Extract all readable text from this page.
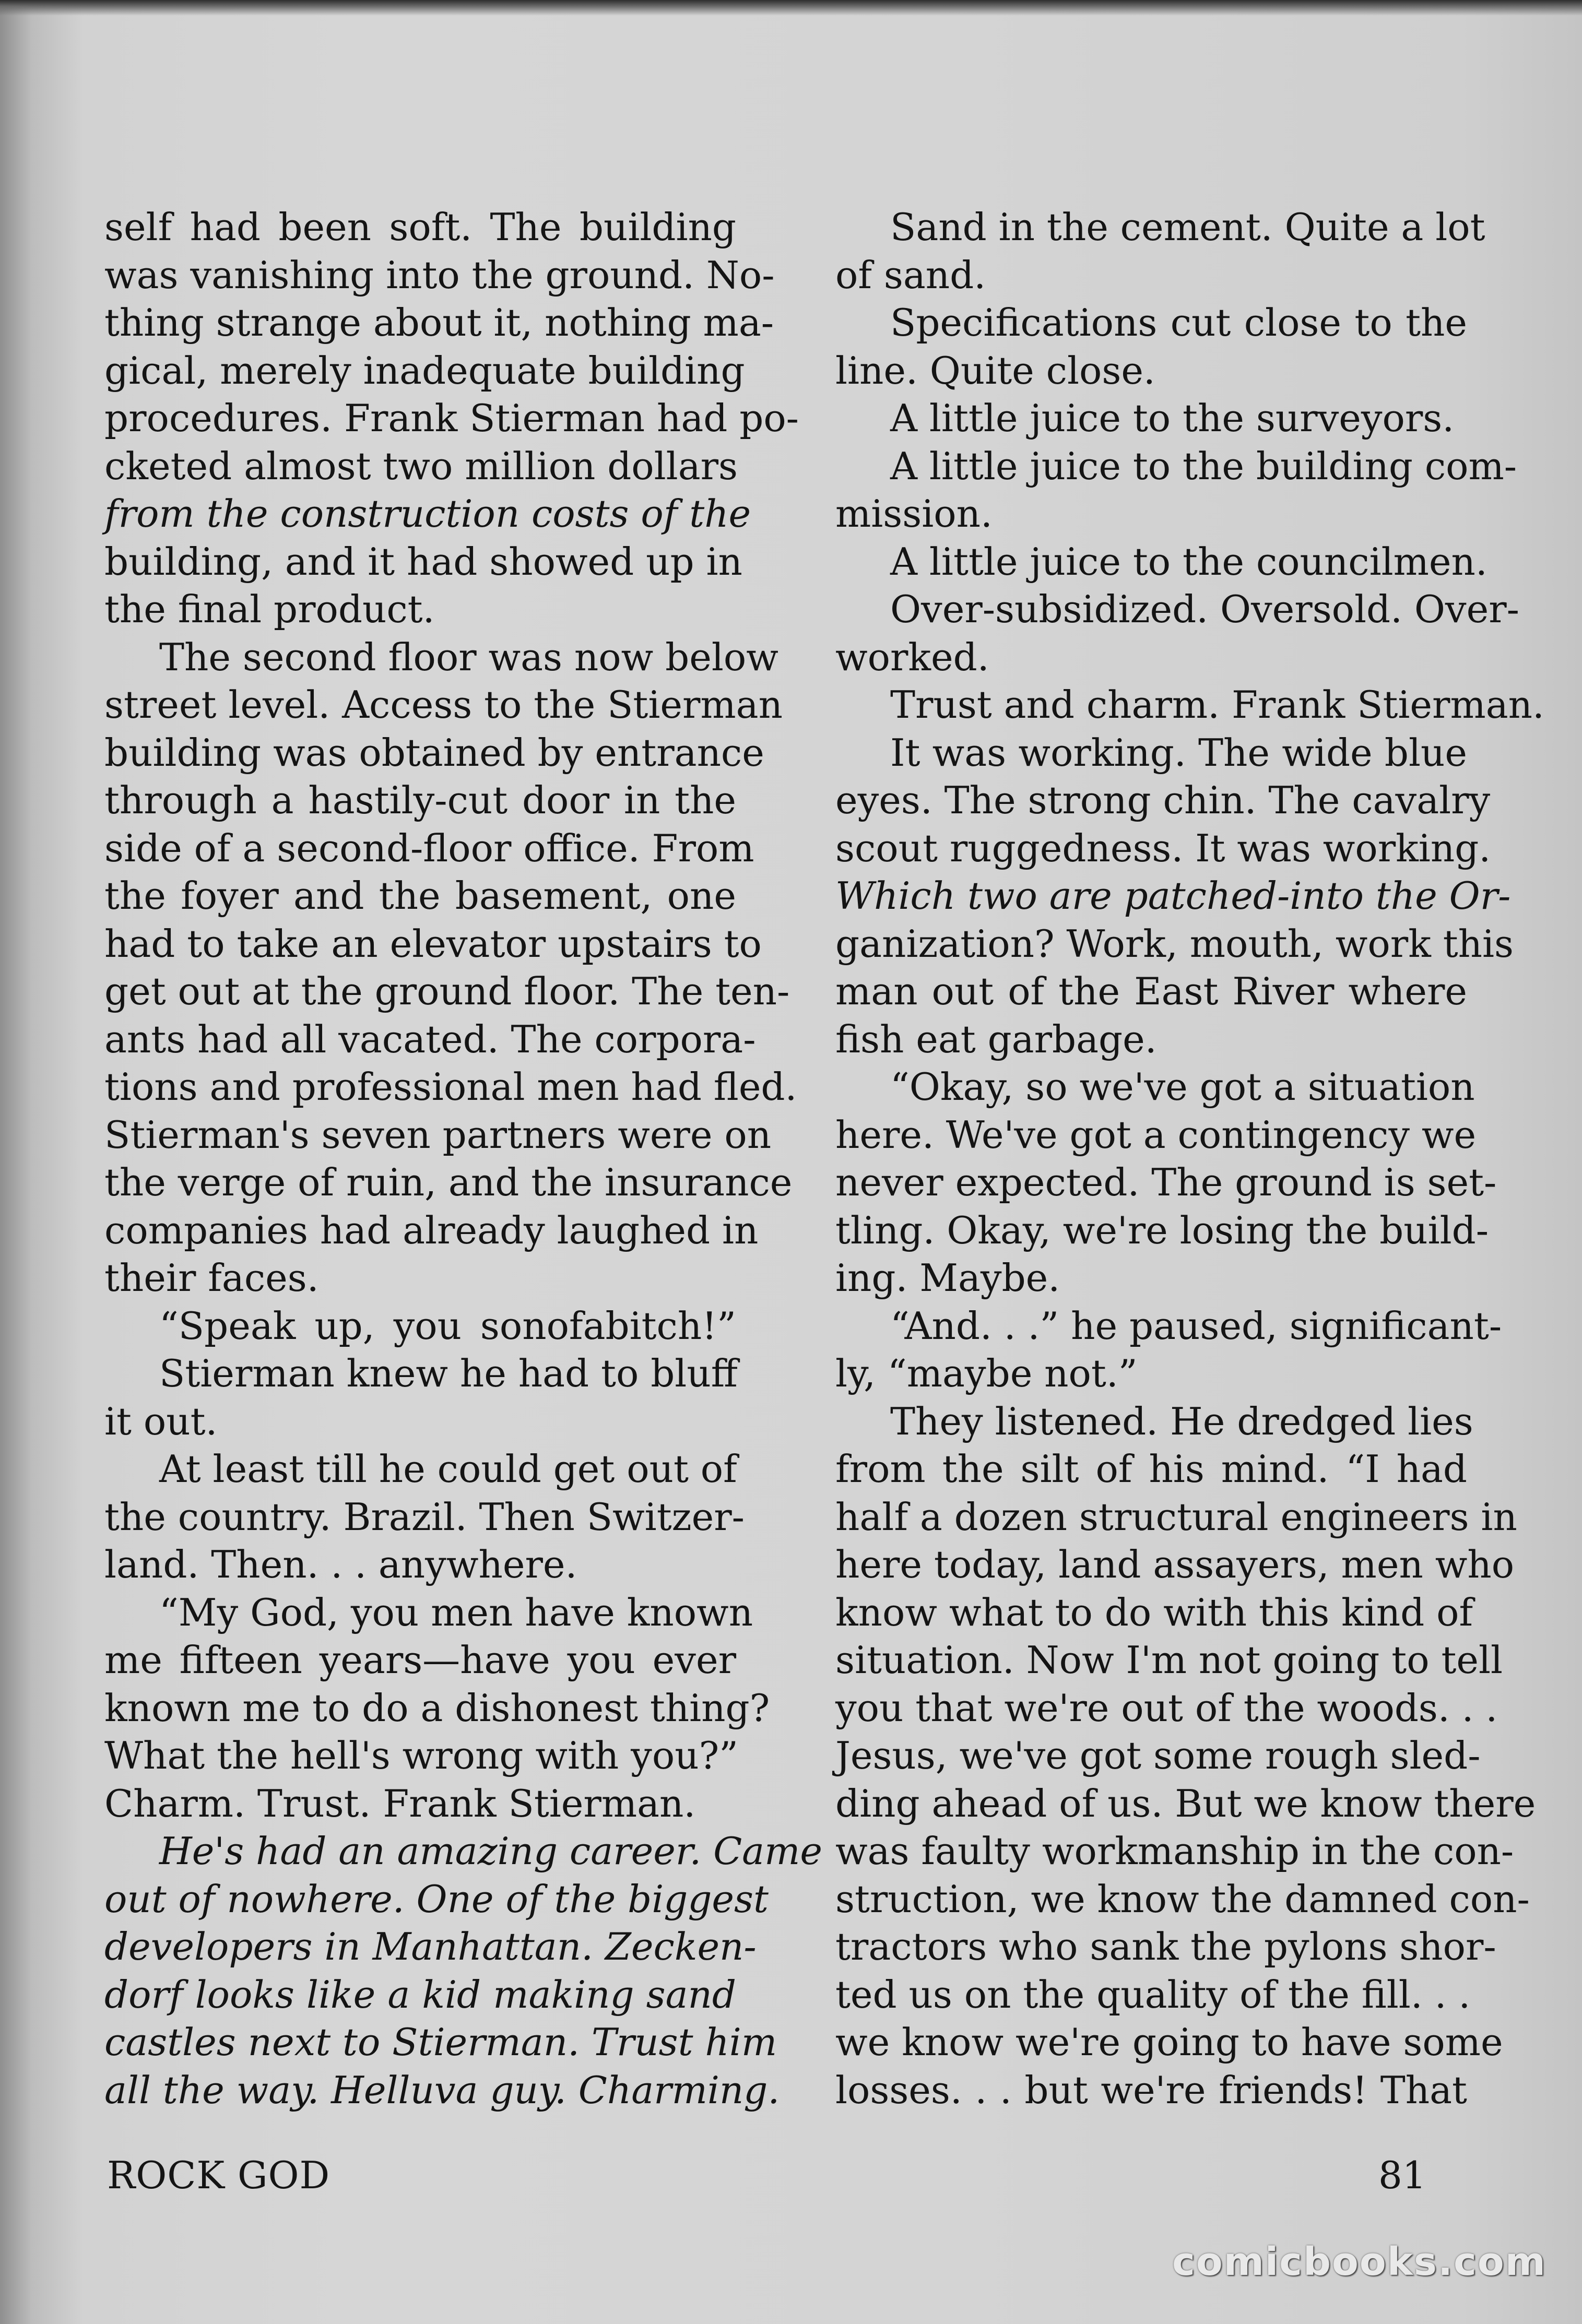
self had been soft. The building
was vanishing into the ground. No-
thing strange about it, nothing ma-
gical, merely inadequate building
procedures. Frank Stierman had po-
cketed almost two million dollars
from the construction costs of the
building, and it had showed up in
the final product.
The second floor was now below
street level. Access to the Stierman
building was obtained by entrance
through a hastily-cut door in the
side of a second-floor office. From
the foyer and the basement, one
had to take an elevator upstairs to
get out at the ground floor. The ten-
ants had all vacated. The corpora-
tions and professional men had fled.
Stierman's seven partners were on
the verge of ruin, and the insurance
companies had already laughed in
their faces.
“Speak up, you sonofabitch!”
Stierman knew he had to bluff
it out.
At least till he could get out of
the country. Brazil. Then Switzer-
land. Then. . . anywhere.
“My God, you men have known
me fifteen years—have you ever
known me to do a dishonest thing?
What the hell's wrong with you?”
Charm. Trust. Frank Stierman.
He's had an amazing career. Came
out of nowhere. One of the biggest
developers in Manhattan. Zecken-
dorf looks like a kid making sand
castles next to Stierman. Trust him
all the way. Helluva guy. Charming.
Sand in the cement. Quite a lot
of sand.
Specifications cut close to the
line. Quite close.
A little juice to the surveyors.
A little juice to the building com-
mission.
A little juice to the councilmen.
Over-subsidized. Oversold. Over-
worked.
Trust and charm. Frank Stierman.
It was working. The wide blue
eyes. The strong chin. The cavalry
scout ruggedness. It was working.
Which two are patched-into the Or-
ganization? Work, mouth, work this
man out of the East River where
fish eat garbage.
“Okay, so we've got a situation
here. We've got a contingency we
never expected. The ground is set-
tling. Okay, we're losing the build-
ing. Maybe.
“And. . .” he paused, significant-
ly, “maybe not.”
They listened. He dredged lies
from the silt of his mind. “I had
half a dozen structural engineers in
here today, land assayers, men who
know what to do with this kind of
situation. Now I'm not going to tell
you that we're out of the woods. . .
Jesus, we've got some rough sled-
ding ahead of us. But we know there
was faulty workmanship in the con-
struction, we know the damned con-
tractors who sank the pylons shor-
ted us on the quality of the fill. . .
we know we're going to have some
losses. . . but we're friends! That
ROCK GOD	81
comicbooks.com
